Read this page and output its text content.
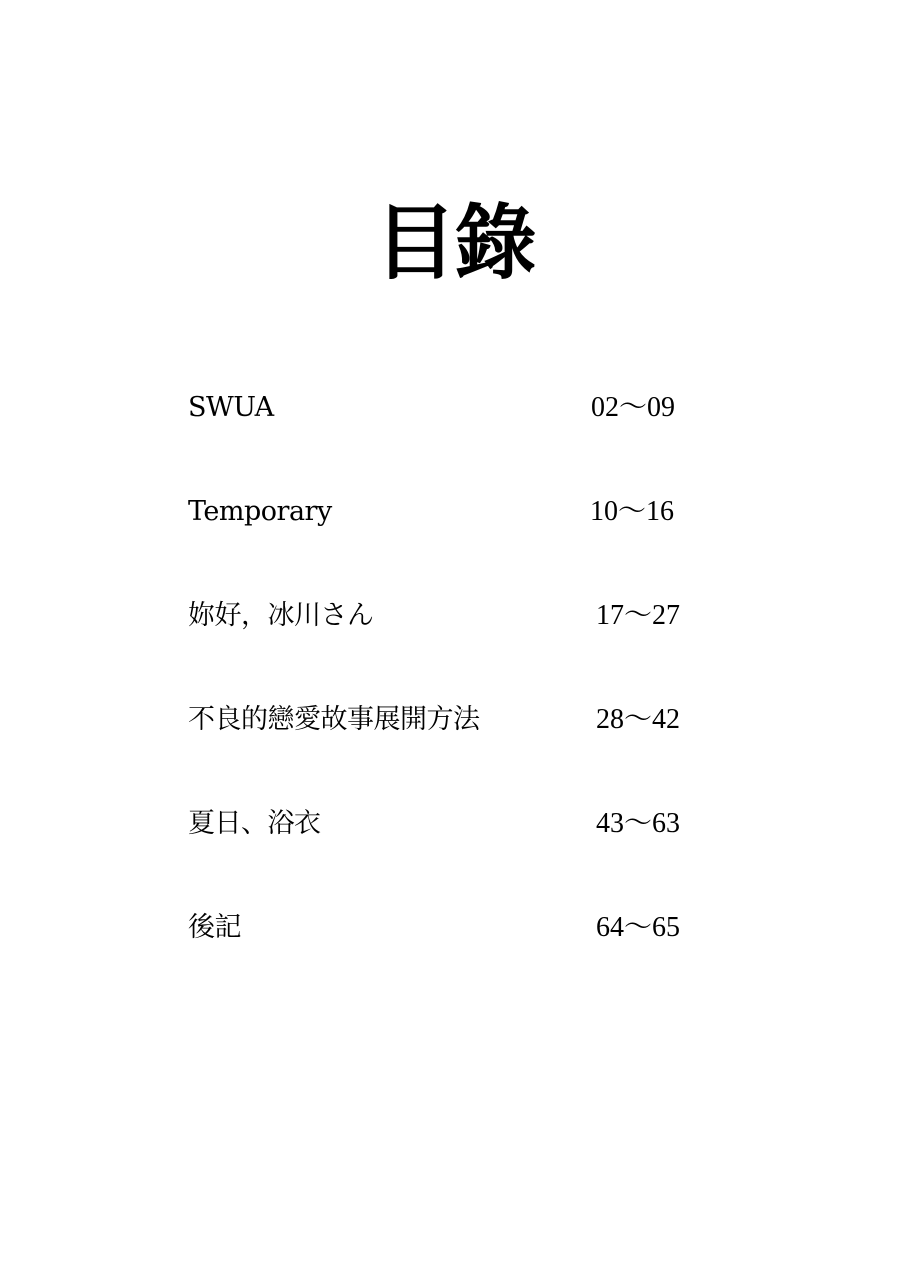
目錄
SWUA	02～09
Temporary	10～16
妳好，冰川さん	17～27
不良的戀愛故事展開方法	28～42
夏日、浴衣	43～63
後記	64～65
